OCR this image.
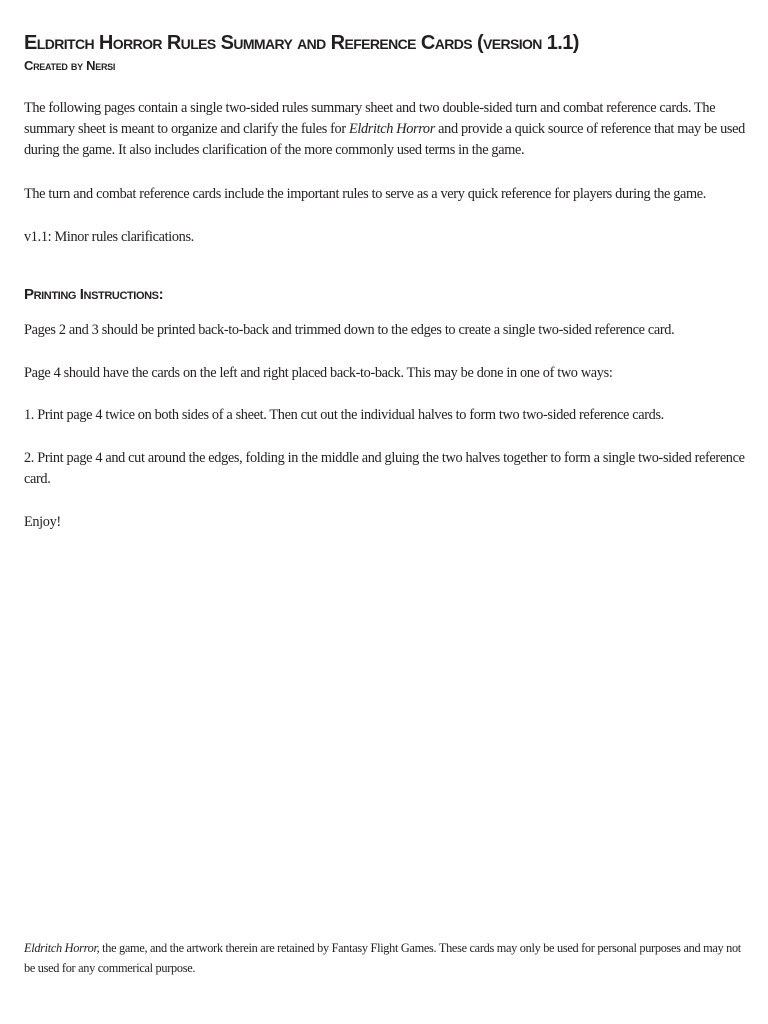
Eldritch Horror Rules Summary and Reference Cards (version 1.1)

Created by Nersi

The following pages contain a single two-sided rules summary sheet and two double-sided turn and combat reference cards. The summary sheet is meant to organize and clarify the fules for Eldritch Horror and provide a quick source of reference that may be used during the game. It also includes clarification of the more commonly used terms in the game.

The turn and combat reference cards include the important rules to serve as a very quick reference for players during the game.

v1.1: Minor rules clarifications.

Printing Instructions:

Pages 2 and 3 should be printed back-to-back and trimmed down to the edges to create a single two-sided reference card.

Page 4 should have the cards on the left and right placed back-to-back. This may be done in one of two ways:

1. Print page 4 twice on both sides of a sheet. Then cut out the individual halves to form two two-sided reference cards.

2. Print page 4 and cut around the edges, folding in the middle and gluing the two halves together to form a single two-sided reference card.

Enjoy!

Eldritch Horror, the game, and the artwork therein are retained by Fantasy Flight Games. These cards may only be used for personal purposes and may not be used for any commerical purpose.
